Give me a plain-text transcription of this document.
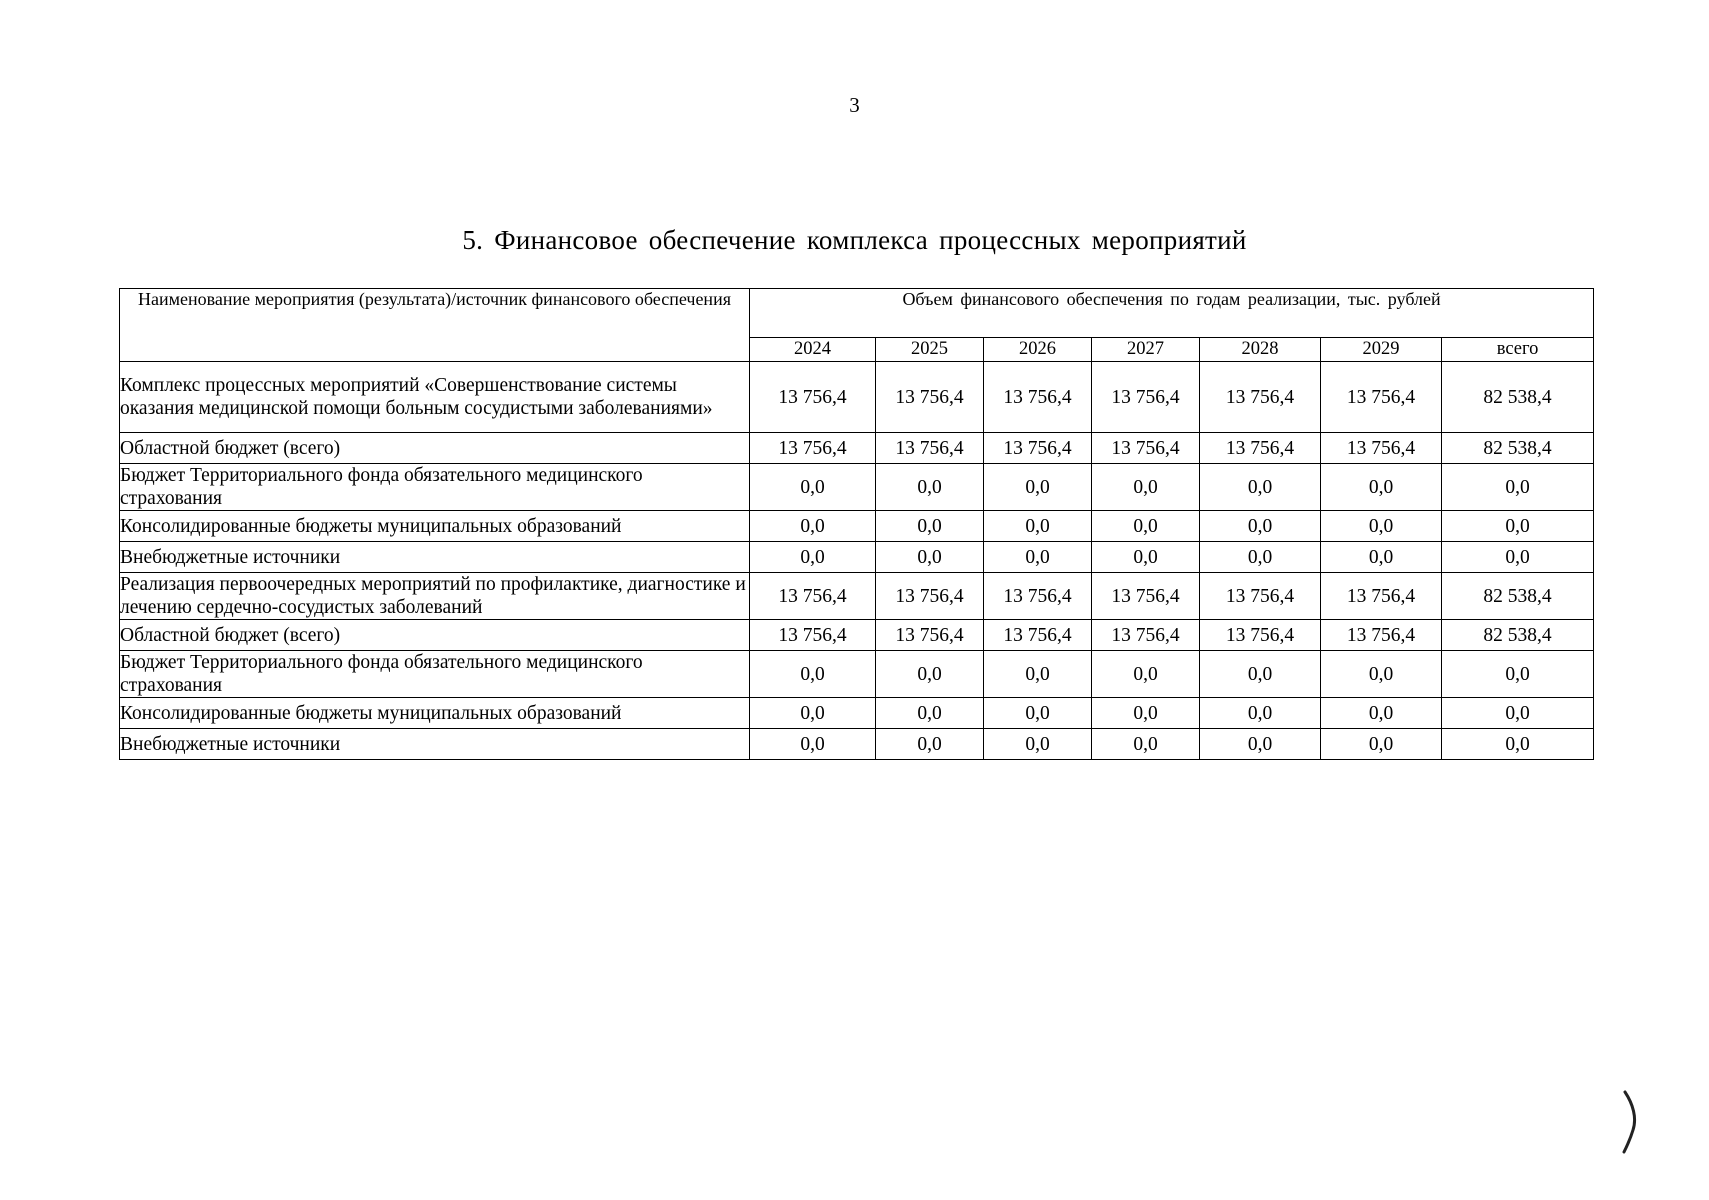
3
5. Финансовое обеспечение комплекса процессных мероприятий
Наименование мероприятия (результата)/источник финансового обеспечения	Объем финансового обеспечения по годам реализации, тыс. рублей						
	2024	2025	2026	2027	2028	2029	всего
Комплекс процессных мероприятий «Совершенствование системы оказания медицинской помощи больным сосудистыми заболеваниями»	13 756,4	13 756,4	13 756,4	13 756,4	13 756,4	13 756,4	82 538,4
Областной бюджет (всего)	13 756,4	13 756,4	13 756,4	13 756,4	13 756,4	13 756,4	82 538,4
Бюджет Территориального фонда обязательного медицинского страхования	0,0	0,0	0,0	0,0	0,0	0,0	0,0
Консолидированные бюджеты муниципальных образований	0,0	0,0	0,0	0,0	0,0	0,0	0,0
Внебюджетные источники	0,0	0,0	0,0	0,0	0,0	0,0	0,0
Реализация первоочередных мероприятий по профилактике, диагностике и лечению сердечно-сосудистых заболеваний	13 756,4	13 756,4	13 756,4	13 756,4	13 756,4	13 756,4	82 538,4
Областной бюджет (всего)	13 756,4	13 756,4	13 756,4	13 756,4	13 756,4	13 756,4	82 538,4
Бюджет Территориального фонда обязательного медицинского страхования	0,0	0,0	0,0	0,0	0,0	0,0	0,0
Консолидированные бюджеты муниципальных образований	0,0	0,0	0,0	0,0	0,0	0,0	0,0
Внебюджетные источники	0,0	0,0	0,0	0,0	0,0	0,0	0,0
